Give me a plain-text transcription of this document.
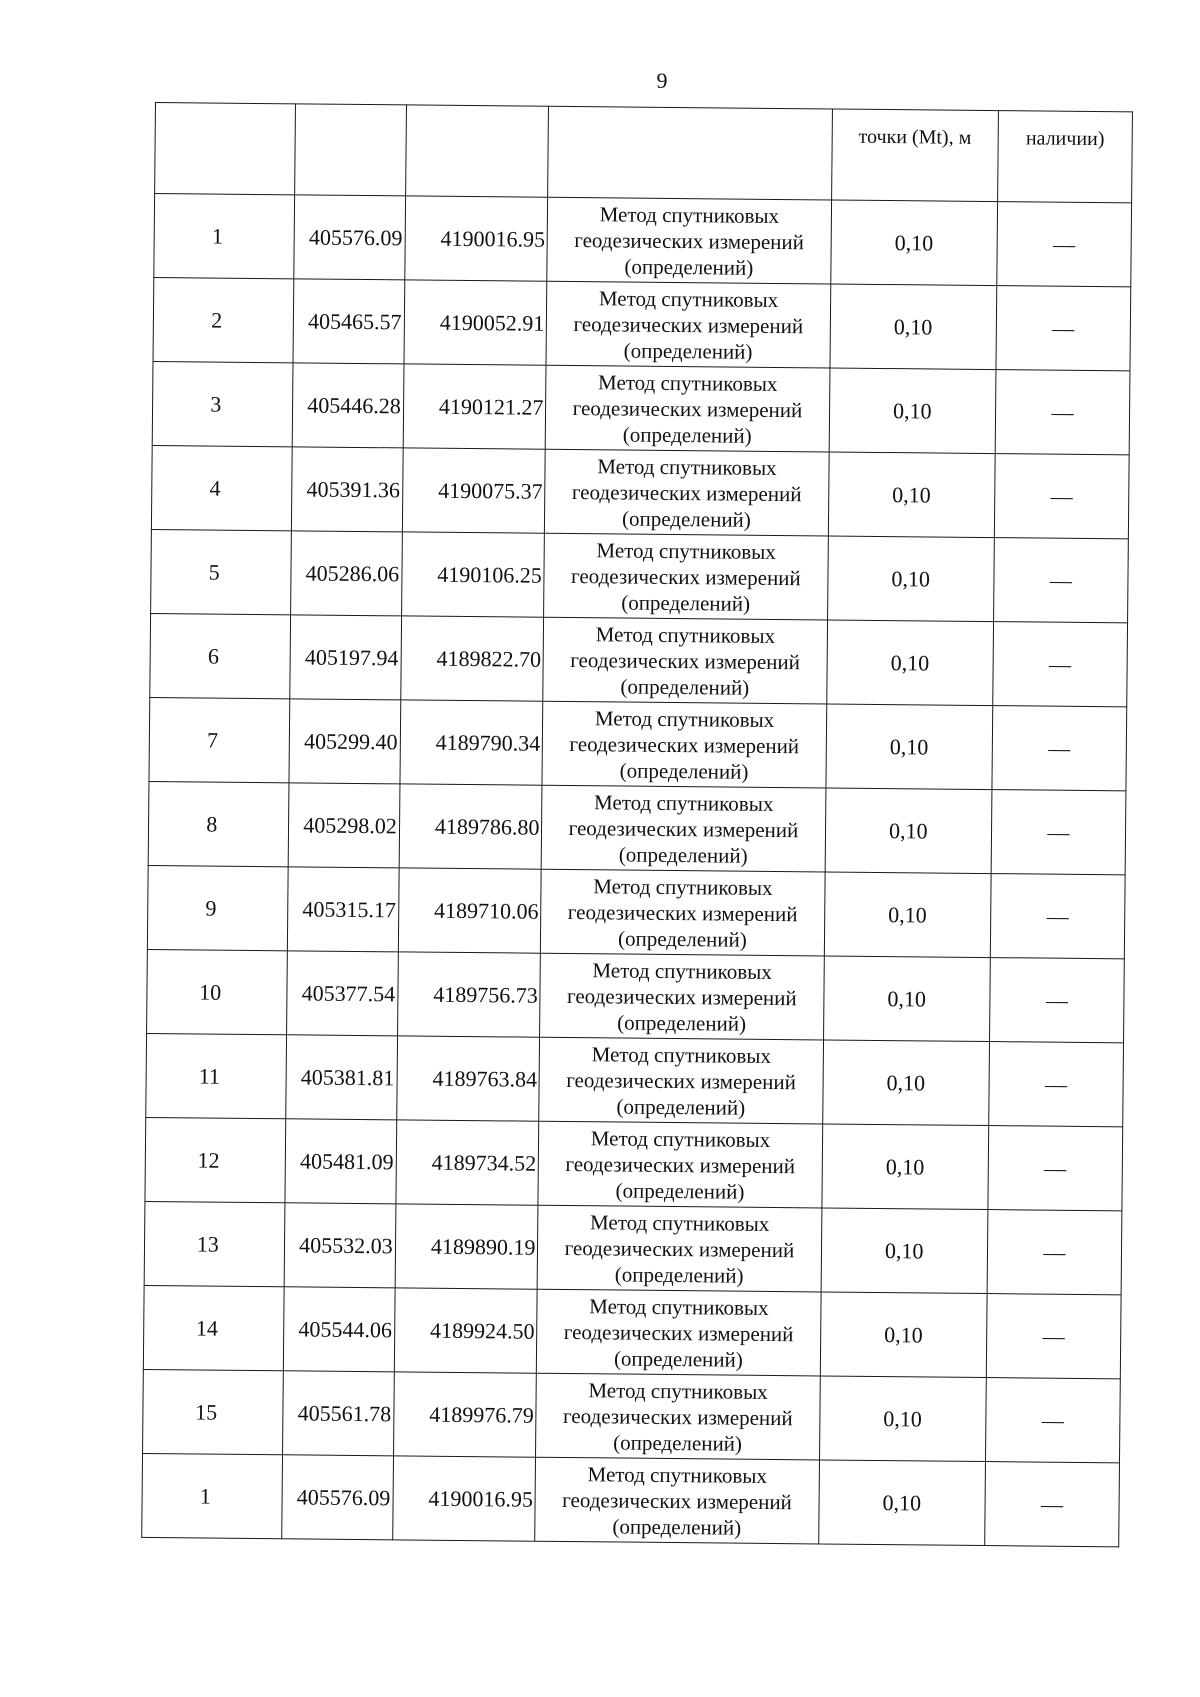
9
				точки (Mt), м	наличии)
1	405576.09	4190016.95	Метод спутниковых геодезических измерений (определений)	0,10	—
2	405465.57	4190052.91	Метод спутниковых геодезических измерений (определений)	0,10	—
3	405446.28	4190121.27	Метод спутниковых геодезических измерений (определений)	0,10	—
4	405391.36	4190075.37	Метод спутниковых геодезических измерений (определений)	0,10	—
5	405286.06	4190106.25	Метод спутниковых геодезических измерений (определений)	0,10	—
6	405197.94	4189822.70	Метод спутниковых геодезических измерений (определений)	0,10	—
7	405299.40	4189790.34	Метод спутниковых геодезических измерений (определений)	0,10	—
8	405298.02	4189786.80	Метод спутниковых геодезических измерений (определений)	0,10	—
9	405315.17	4189710.06	Метод спутниковых геодезических измерений (определений)	0,10	—
10	405377.54	4189756.73	Метод спутниковых геодезических измерений (определений)	0,10	—
11	405381.81	4189763.84	Метод спутниковых геодезических измерений (определений)	0,10	—
12	405481.09	4189734.52	Метод спутниковых геодезических измерений (определений)	0,10	—
13	405532.03	4189890.19	Метод спутниковых геодезических измерений (определений)	0,10	—
14	405544.06	4189924.50	Метод спутниковых геодезических измерений (определений)	0,10	—
15	405561.78	4189976.79	Метод спутниковых геодезических измерений (определений)	0,10	—
1	405576.09	4190016.95	Метод спутниковых геодезических измерений (определений)	0,10	—
